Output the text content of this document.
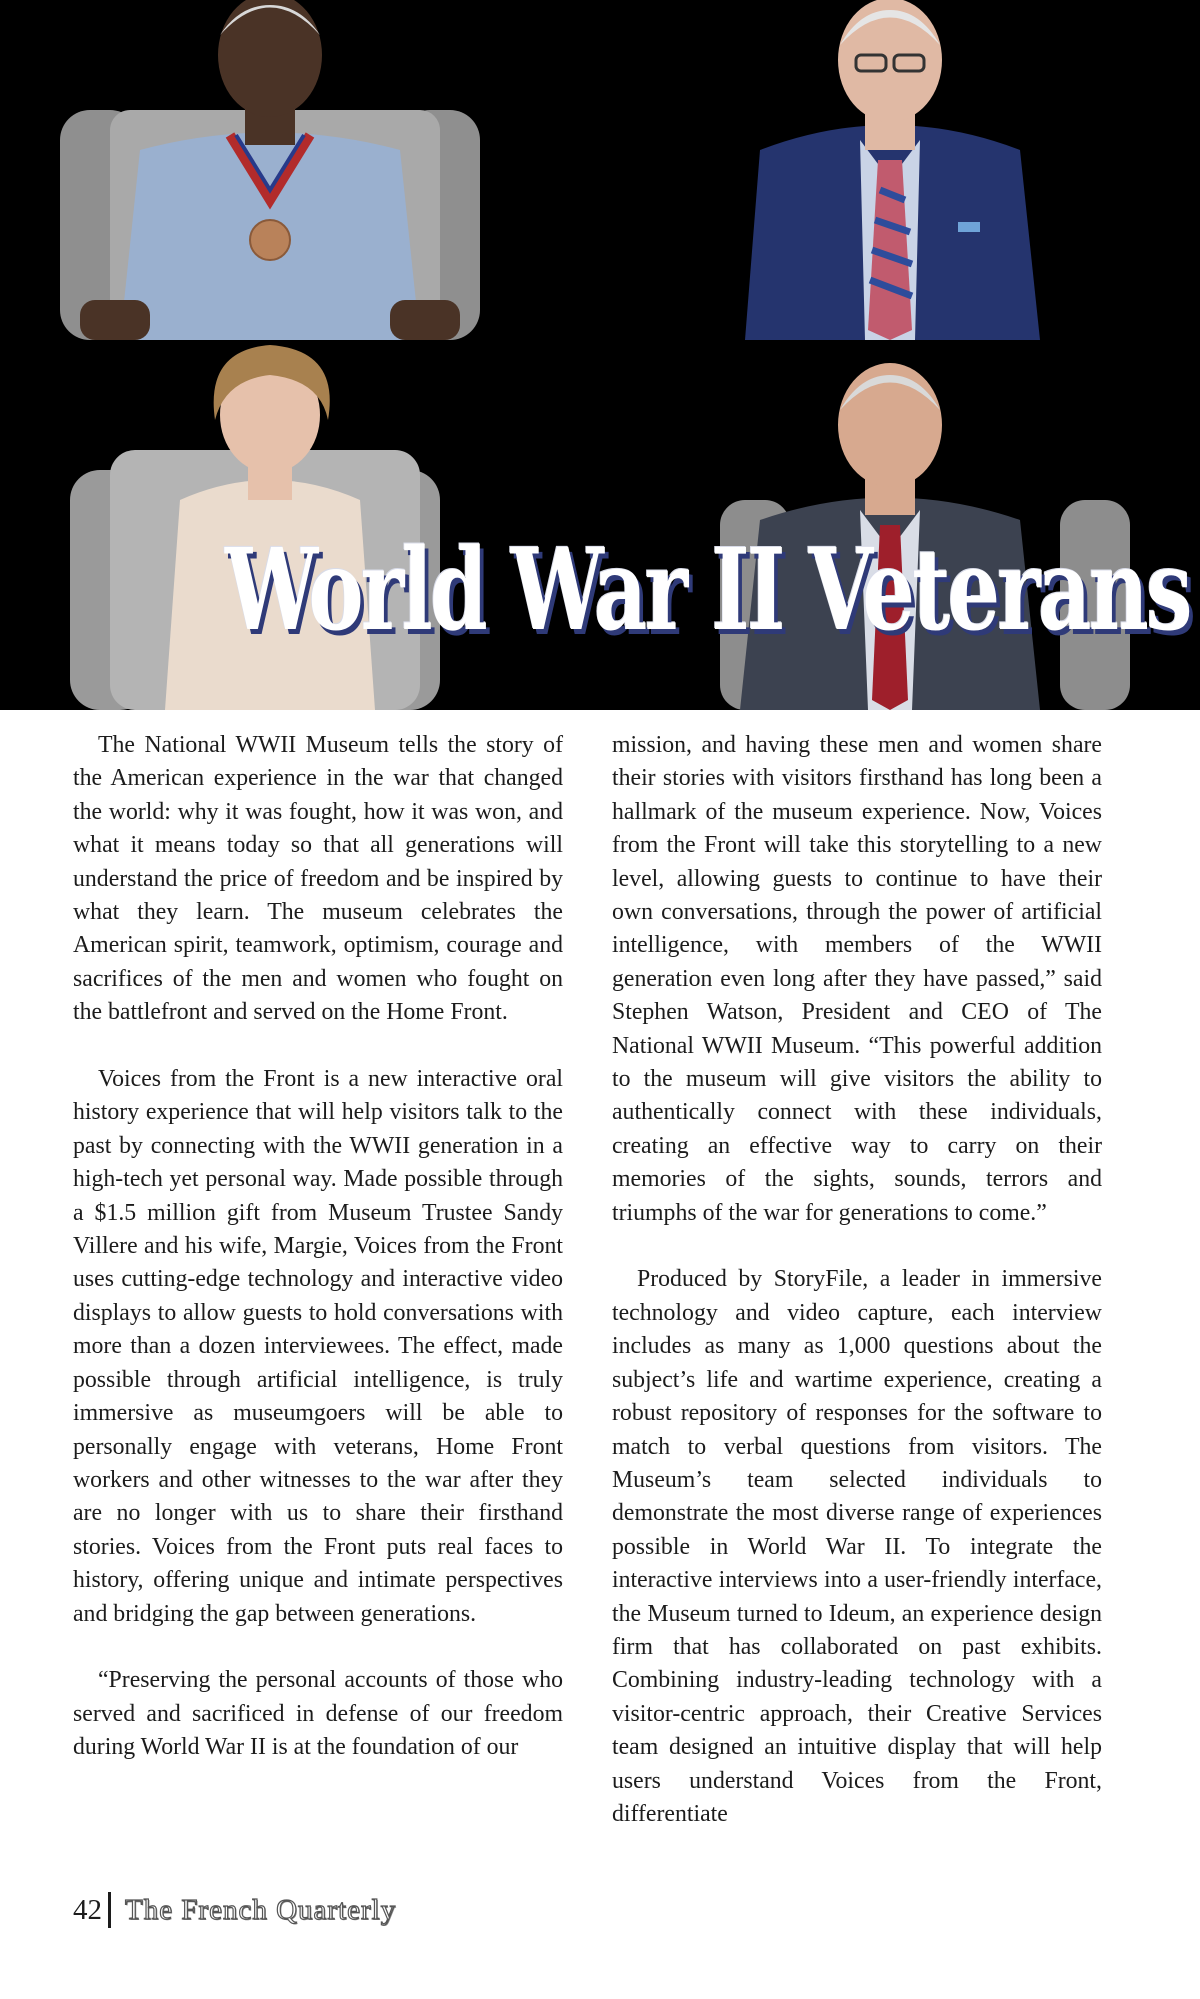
World War II Veterans

The National WWII Museum tells the story of the American experience in the war that changed the world: why it was fought, how it was won, and what it means today so that all generations will understand the price of freedom and be inspired by what they learn. The museum celebrates the American spirit, teamwork, optimism, courage and sacrifices of the men and women who fought on the battlefront and served on the Home Front.

Voices from the Front is a new interactive oral history experience that will help visitors talk to the past by connecting with the WWII generation in a high-tech yet personal way. Made possible through a $1.5 million gift from Museum Trustee Sandy Villere and his wife, Margie, Voices from the Front uses cutting-edge technology and interactive video displays to allow guests to hold conversations with more than a dozen interviewees. The effect, made possible through artificial intelligence, is truly immersive as museumgoers will be able to personally engage with veterans, Home Front workers and other witnesses to the war after they are no longer with us to share their firsthand stories. Voices from the Front puts real faces to history, offering unique and intimate perspectives and bridging the gap between generations.

“Preserving the personal accounts of those who served and sacrificed in defense of our freedom during World War II is at the foundation of our

mission, and having these men and women share their stories with visitors firsthand has long been a hallmark of the museum experience. Now, Voices from the Front will take this storytelling to a new level, allowing guests to continue to have their own conversations, through the power of artificial intelligence, with members of the WWII generation even long after they have passed,” said Stephen Watson, President and CEO of The National WWII Museum. “This powerful addition to the museum will give visitors the ability to authentically connect with these individuals, creating an effective way to carry on their memories of the sights, sounds, terrors and triumphs of the war for generations to come.”

Produced by StoryFile, a leader in immersive technology and video capture, each interview includes as many as 1,000 questions about the subject’s life and wartime experience, creating a robust repository of responses for the software to match to verbal questions from visitors. The Museum’s team selected individuals to demonstrate the most diverse range of experiences possible in World War II. To integrate the interactive interviews into a user-friendly interface, the Museum turned to Ideum, an experience design firm that has collaborated on past exhibits. Combining industry-leading technology with a visitor-centric approach, their Creative Services team designed an intuitive display that will help users understand Voices from the Front, differentiate

42 The French Quarterly
